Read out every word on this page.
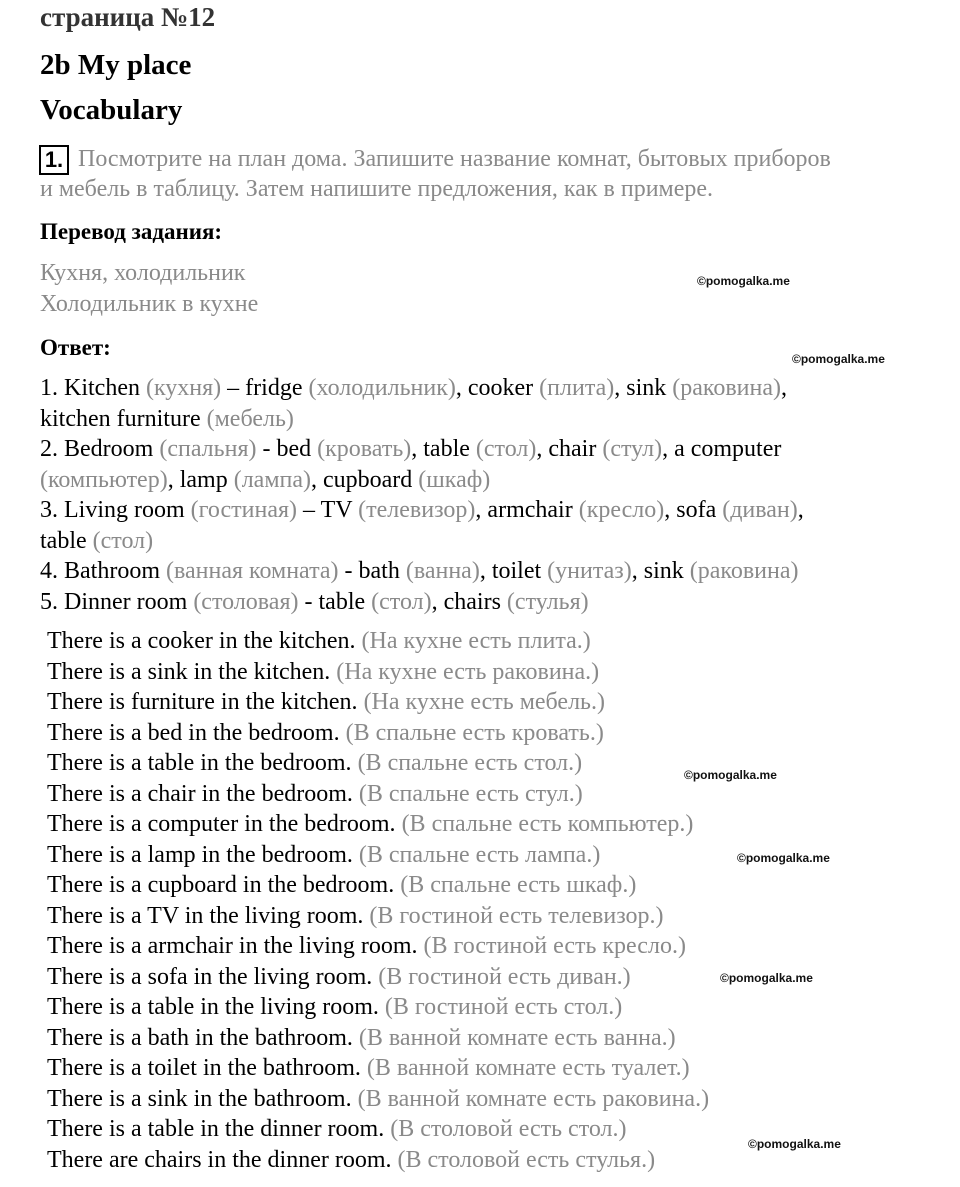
страница №12
2b My place
Vocabulary
1. Посмотрите на план дома. Запишите название комнат, бытовых приборов
и мебель в таблицу. Затем напишите предложения, как в примере.
Перевод задания:
Кухня, холодильник
Холодильник в кухне
Ответ:
1. Kitchen (кухня) – fridge (холодильник), cooker (плита), sink (раковина),
kitchen furniture (мебель)
2. Bedroom (спальня) - bed (кровать), table (стол), chair (стул), a computer
(компьютер), lamp (лампа), cupboard (шкаф)
3. Living room (гостиная) – TV (телевизор), armchair (кресло), sofa (диван),
table (стол)
4. Bathroom (ванная комната) - bath (ванна), toilet (унитаз), sink (раковина)
5. Dinner room (столовая) - table (стол), chairs (стулья)
There is a cooker in the kitchen. (На кухне есть плита.)
There is a sink in the kitchen. (На кухне есть раковина.)
There is furniture in the kitchen. (На кухне есть мебель.)
There is a bed in the bedroom. (В спальне есть кровать.)
There is a table in the bedroom. (В спальне есть стол.)
There is a chair in the bedroom. (В спальне есть стул.)
There is a computer in the bedroom. (В спальне есть компьютер.)
There is a lamp in the bedroom. (В спальне есть лампа.)
There is a cupboard in the bedroom. (В спальне есть шкаф.)
There is a TV in the living room. (В гостиной есть телевизор.)
There is a armchair in the living room. (В гостиной есть кресло.)
There is a sofa in the living room. (В гостиной есть диван.)
There is a table in the living room. (В гостиной есть стол.)
There is a bath in the bathroom. (В ванной комнате есть ванна.)
There is a toilet in the bathroom. (В ванной комнате есть туалет.)
There is a sink in the bathroom. (В ванной комнате есть раковина.)
There is a table in the dinner room. (В столовой есть стол.)
There are chairs in the dinner room. (В столовой есть стулья.)
©pomogalka.me
©pomogalka.me
©pomogalka.me
©pomogalka.me
©pomogalka.me
©pomogalka.me
